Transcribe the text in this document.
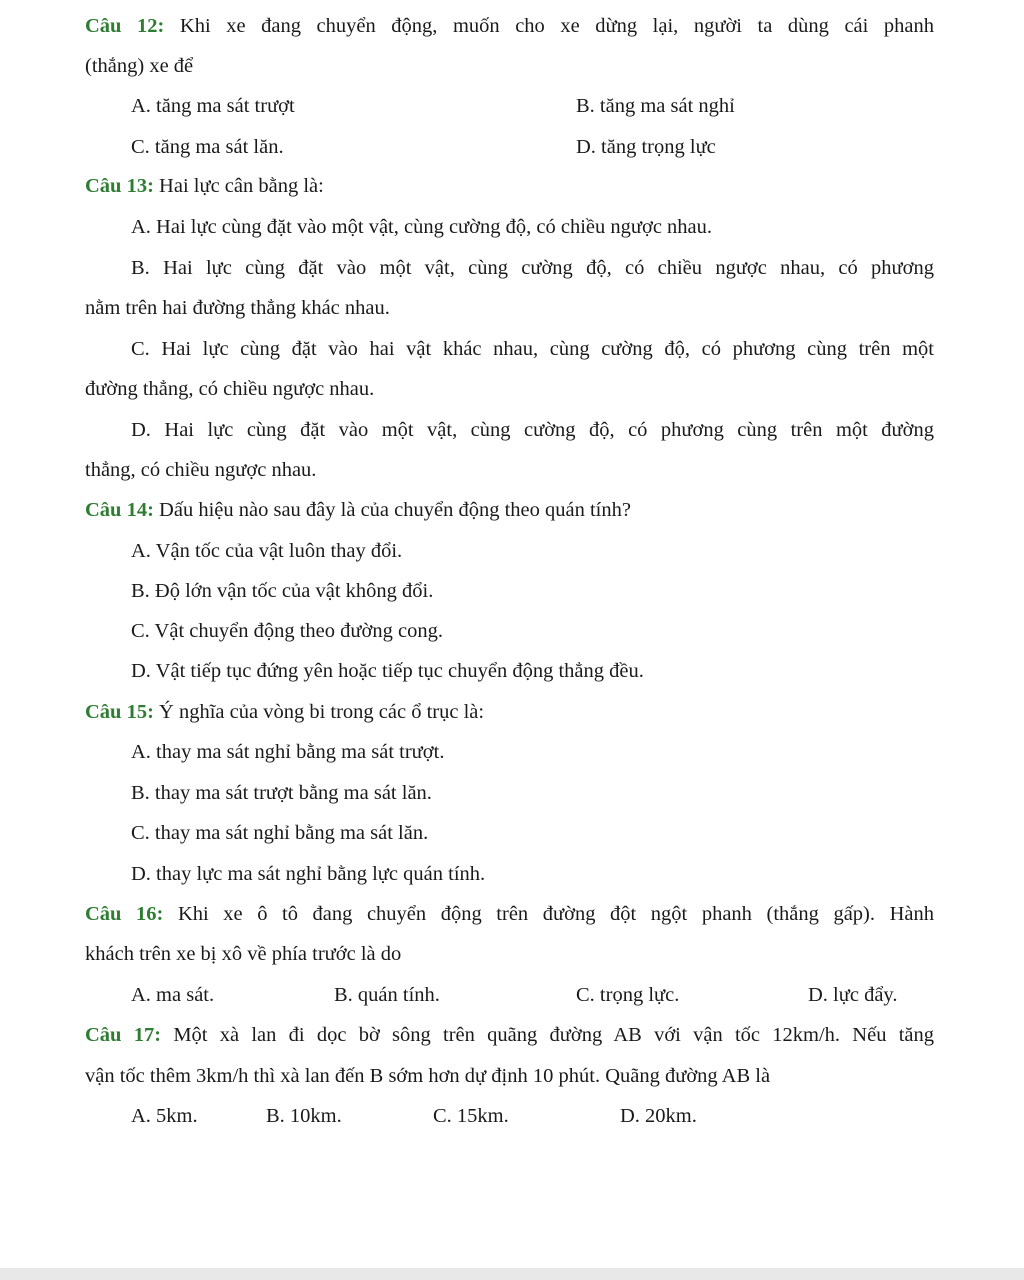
Câu 12: Khi xe đang chuyển động, muốn cho xe dừng lại, người ta dùng cái phanh
(thắng) xe để
A. tăng ma sát trượt	B. tăng ma sát nghỉ
C. tăng ma sát lăn.	D. tăng trọng lực
Câu 13: Hai lực cân bằng là:
A. Hai lực cùng đặt vào một vật, cùng cường độ, có chiều ngược nhau.
B. Hai lực cùng đặt vào một vật, cùng cường độ, có chiều ngược nhau, có phương
nằm trên hai đường thẳng khác nhau.
C. Hai lực cùng đặt vào hai vật khác nhau, cùng cường độ, có phương cùng trên một
đường thẳng, có chiều ngược nhau.
D. Hai lực cùng đặt vào một vật, cùng cường độ, có phương cùng trên một đường
thẳng, có chiều ngược nhau.
Câu 14: Dấu hiệu nào sau đây là của chuyển động theo quán tính?
A. Vận tốc của vật luôn thay đổi.
B. Độ lớn vận tốc của vật không đổi.
C. Vật chuyển động theo đường cong.
D. Vật tiếp tục đứng yên hoặc tiếp tục chuyển động thẳng đều.
Câu 15: Ý nghĩa của vòng bi trong các ổ trục là:
A. thay ma sát nghỉ bằng ma sát trượt.
B. thay ma sát trượt bằng ma sát lăn.
C. thay ma sát nghỉ bằng ma sát lăn.
D. thay lực ma sát nghỉ bằng lực quán tính.
Câu 16: Khi xe ô tô đang chuyển động trên đường đột ngột phanh (thắng gấp). Hành
khách trên xe bị xô về phía trước là do
A. ma sát.	B. quán tính.	C. trọng lực.	D. lực đẩy.
Câu 17: Một xà lan đi dọc bờ sông trên quãng đường AB với vận tốc 12km/h. Nếu tăng
vận tốc thêm 3km/h thì xà lan đến B sớm hơn dự định 10 phút. Quãng đường AB là
A. 5km.	B. 10km.	C. 15km.	D. 20km.
